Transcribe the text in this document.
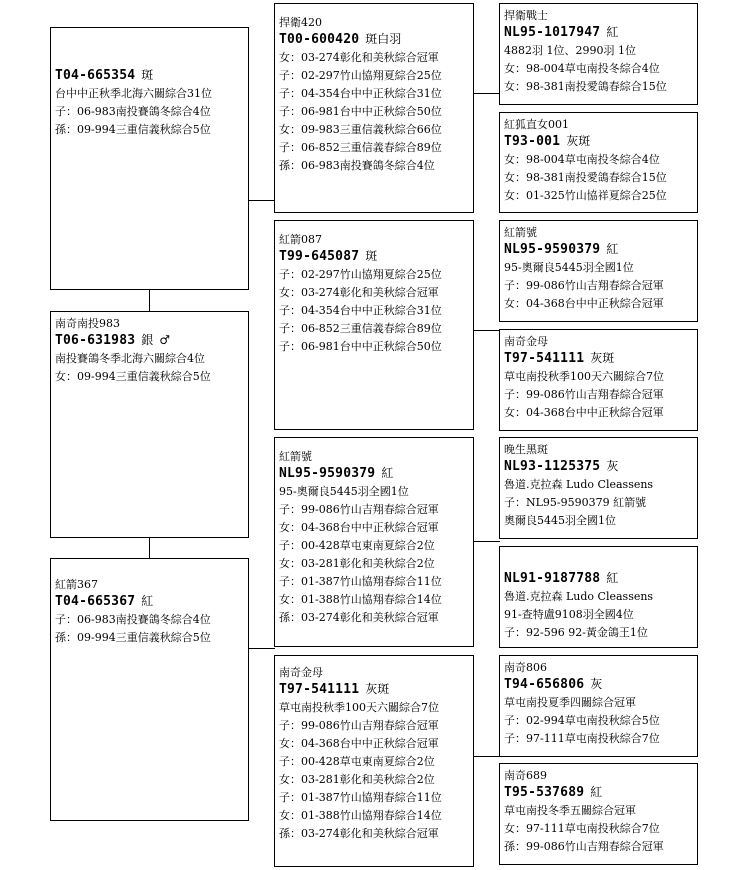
T04-665354 斑
台中中正秋季北海六關綜合31位
子：06-983南投賽鴿冬綜合4位
孫：09-994三重信義秋綜合5位
南奇南投983
T06-631983 銀 ♂
南投賽鴿冬季北海六關綜合4位
女：09-994三重信義秋綜合5位
紅箭367
T04-665367 紅
子：06-983南投賽鴿冬綜合4位
孫：09-994三重信義秋綜合5位
捍衛420
T00-600420 斑白羽
女：03-274彰化和美秋綜合冠軍
子：02-297竹山協翔夏綜合25位
子：04-354台中中正秋綜合31位
子：06-981台中中正秋綜合50位
女：09-983三重信義秋綜合66位
子：06-852三重信義春綜合89位
孫：06-983南投賽鴿冬綜合4位
紅箭087
T99-645087 斑
子：02-297竹山協翔夏綜合25位
女：03-274彰化和美秋綜合冠軍
子：04-354台中中正秋綜合31位
子：06-852三重信義春綜合89位
子：06-981台中中正秋綜合50位
紅箭號
NL95-9590379 紅
95-奧爾良5445羽全國1位
子：99-086竹山吉翔春綜合冠軍
女：04-368台中中正秋綜合冠軍
子：00-428草屯東南夏綜合2位
女：03-281彰化和美秋綜合2位
子：01-387竹山協翔春綜合11位
女：01-388竹山協翔春綜合14位
孫：03-274彰化和美秋綜合冠軍
南奇金母
T97-541111 灰斑
草屯南投秋季100天六關綜合7位
子：99-086竹山吉翔春綜合冠軍
女：04-368台中中正秋綜合冠軍
子：00-428草屯東南夏綜合2位
女：03-281彰化和美秋綜合2位
子：01-387竹山協翔春綜合11位
女：01-388竹山協翔春綜合14位
孫：03-274彰化和美秋綜合冠軍
捍衛戰士
NL95-1017947 紅
4882羽 1位、2990羽 1位
女：98-004草屯南投冬綜合4位
女：98-381南投愛鴿春綜合15位
紅狐直女001
T93-001 灰斑
女：98-004草屯南投冬綜合4位
女：98-381南投愛鴿春綜合15位
女：01-325竹山協祥夏綜合25位
紅箭號
NL95-9590379 紅
95-奧爾良5445羽全國1位
子：99-086竹山吉翔春綜合冠軍
女：04-368台中中正秋綜合冠軍
南奇金母
T97-541111 灰斑
草屯南投秋季100天六關綜合7位
子：99-086竹山吉翔春綜合冠軍
女：04-368台中中正秋綜合冠軍
晚生黑斑
NL93-1125375 灰
魯道.克拉森 Ludo Cleassens
子：NL95-9590379 紅箭號
奧爾良5445羽全國1位
NL91-9187788 紅
魯道.克拉森 Ludo Cleassens
91-查特盧9108羽全國4位
子：92-596 92-黃金鴿王1位
南奇806
T94-656806 灰
草屯南投夏季四關綜合冠軍
子：02-994草屯南投秋綜合5位
子：97-111草屯南投秋綜合7位
南奇689
T95-537689 紅
草屯南投冬季五關綜合冠軍
女：97-111草屯南投秋綜合7位
孫：99-086竹山吉翔春綜合冠軍
